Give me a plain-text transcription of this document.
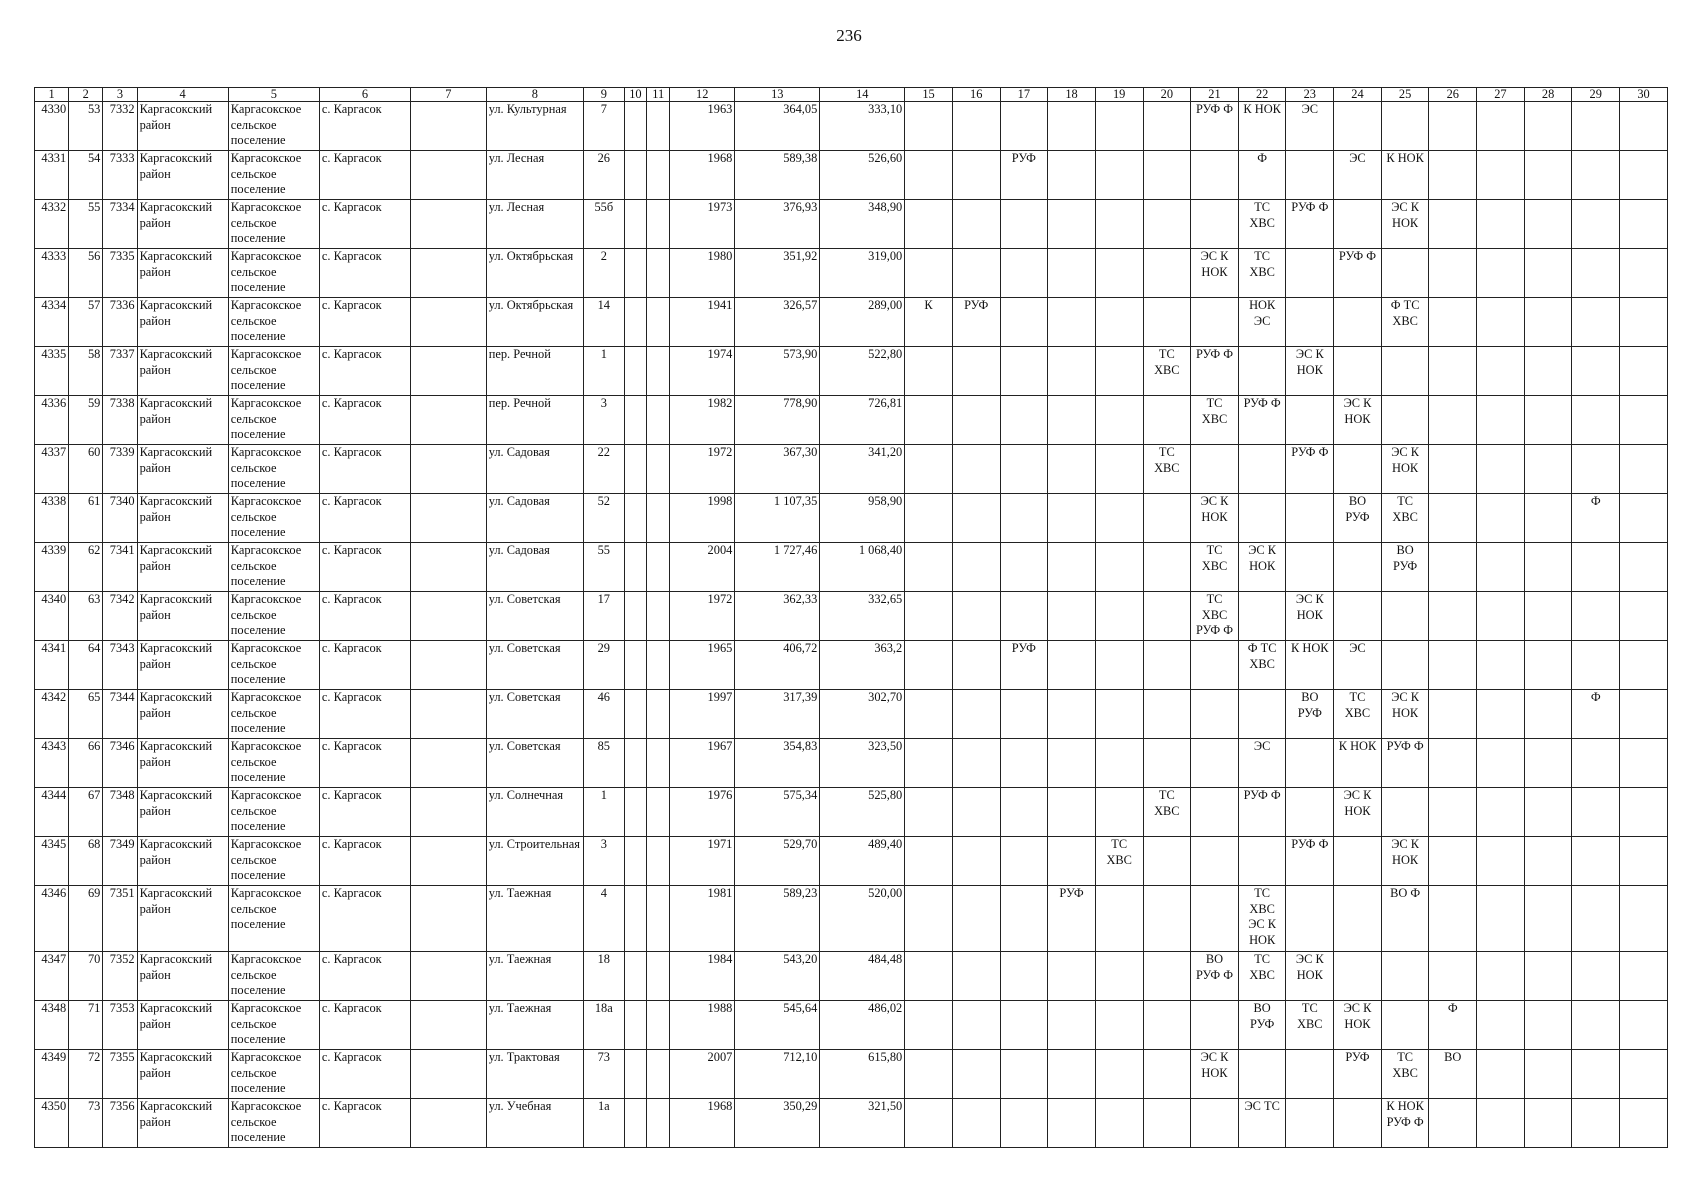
236
1	2	3	4	5	6	7	8	9	10	11	12	13	14	15	16	17	18	19	20	21	22	23	24	25	26	27	28	29	30
4330	53	7332	Каргасокский район	Каргасокское сельское поселение	с. Каргасок		ул. Культурная	7			1963	364,05	333,10							РУФ Ф	К НОК	ЭС							
4331	54	7333	Каргасокский район	Каргасокское сельское поселение	с. Каргасок		ул. Лесная	26			1968	589,38	526,60			РУФ					Ф		ЭС	К НОК					
4332	55	7334	Каргасокский район	Каргасокское сельское поселение	с. Каргасок		ул. Лесная	55б			1973	376,93	348,90								ТС ХВС	РУФ Ф		ЭС К НОК					
4333	56	7335	Каргасокский район	Каргасокское сельское поселение	с. Каргасок		ул. Октябрьская	2			1980	351,92	319,00							ЭС К НОК	ТС ХВС		РУФ Ф						
4334	57	7336	Каргасокский район	Каргасокское сельское поселение	с. Каргасок		ул. Октябрьская	14			1941	326,57	289,00	К	РУФ						НОК ЭС			Ф ТС ХВС					
4335	58	7337	Каргасокский район	Каргасокское сельское поселение	с. Каргасок		пер. Речной	1			1974	573,90	522,80						ТС ХВС	РУФ Ф		ЭС К НОК							
4336	59	7338	Каргасокский район	Каргасокское сельское поселение	с. Каргасок		пер. Речной	3			1982	778,90	726,81							ТС ХВС	РУФ Ф		ЭС К НОК						
4337	60	7339	Каргасокский район	Каргасокское сельское поселение	с. Каргасок		ул. Садовая	22			1972	367,30	341,20						ТС ХВС			РУФ Ф		ЭС К НОК					
4338	61	7340	Каргасокский район	Каргасокское сельское поселение	с. Каргасок		ул. Садовая	52			1998	1 107,35	958,90							ЭС К НОК			ВО РУФ	ТС ХВС				Ф	
4339	62	7341	Каргасокский район	Каргасокское сельское поселение	с. Каргасок		ул. Садовая	55			2004	1 727,46	1 068,40							ТС ХВС	ЭС К НОК			ВО РУФ					
4340	63	7342	Каргасокский район	Каргасокское сельское поселение	с. Каргасок		ул. Советская	17			1972	362,33	332,65							ТС ХВС РУФ Ф		ЭС К НОК							
4341	64	7343	Каргасокский район	Каргасокское сельское поселение	с. Каргасок		ул. Советская	29			1965	406,72	363,2			РУФ					Ф ТС ХВС	К НОК	ЭС						
4342	65	7344	Каргасокский район	Каргасокское сельское поселение	с. Каргасок		ул. Советская	46			1997	317,39	302,70									ВО РУФ	ТС ХВС	ЭС К НОК				Ф	
4343	66	7346	Каргасокский район	Каргасокское сельское поселение	с. Каргасок		ул. Советская	85			1967	354,83	323,50								ЭС		К НОК	РУФ Ф					
4344	67	7348	Каргасокский район	Каргасокское сельское поселение	с. Каргасок		ул. Солнечная	1			1976	575,34	525,80						ТС ХВС		РУФ Ф		ЭС К НОК						
4345	68	7349	Каргасокский район	Каргасокское сельское поселение	с. Каргасок		ул. Строительная	3			1971	529,70	489,40					ТС ХВС				РУФ Ф		ЭС К НОК					
4346	69	7351	Каргасокский район	Каргасокское сельское поселение	с. Каргасок		ул. Таежная	4			1981	589,23	520,00				РУФ				ТС ХВС ЭС К НОК			ВО Ф					
4347	70	7352	Каргасокский район	Каргасокское сельское поселение	с. Каргасок		ул. Таежная	18			1984	543,20	484,48							ВО РУФ Ф	ТС ХВС	ЭС К НОК							
4348	71	7353	Каргасокский район	Каргасокское сельское поселение	с. Каргасок		ул. Таежная	18а			1988	545,64	486,02								ВО РУФ	ТС ХВС	ЭС К НОК		Ф				
4349	72	7355	Каргасокский район	Каргасокское сельское поселение	с. Каргасок		ул. Трактовая	73			2007	712,10	615,80							ЭС К НОК			РУФ	ТС ХВС	ВО				
4350	73	7356	Каргасокский район	Каргасокское сельское поселение	с. Каргасок		ул. Учебная	1а			1968	350,29	321,50								ЭС ТС			К НОК РУФ Ф					
